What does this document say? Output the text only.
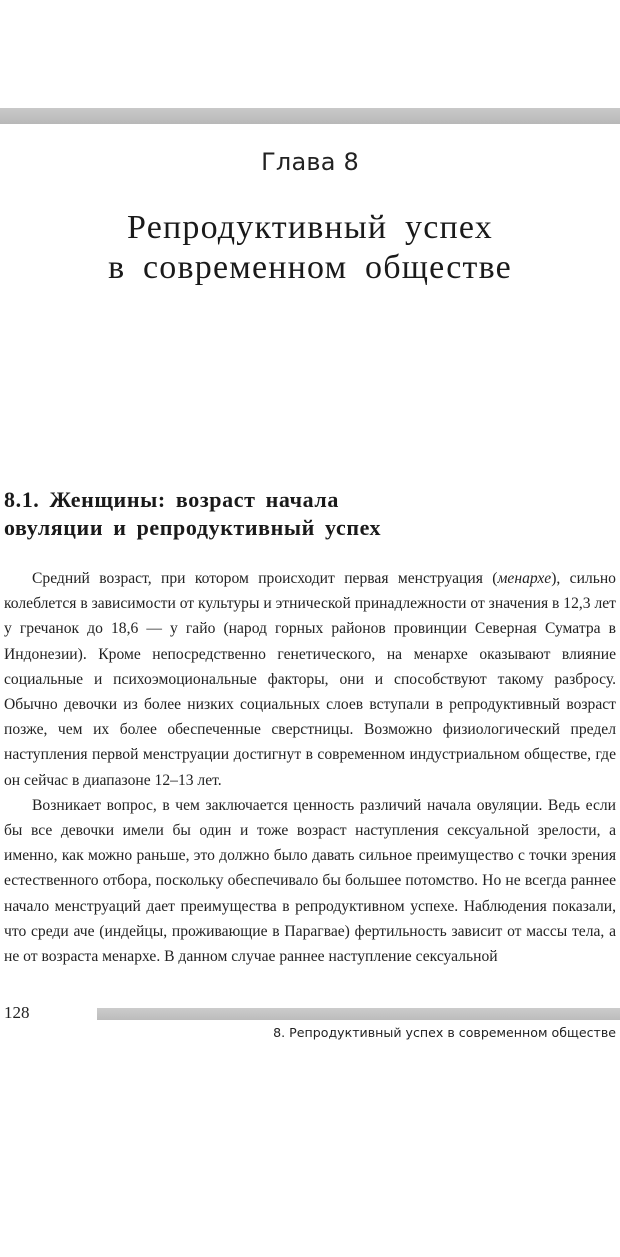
Глава 8
Репродуктивный успех
в современном обществе
8.1. Женщины: возраст начала
овуляции и репродуктивный успех

Средний возраст, при котором происходит первая менструация (менархе), сильно колеблется в зависимости от культуры и этнической принадлежности от значения в 12,3 лет у гречанок до 18,6 — у гайо (народ горных районов провинции Северная Суматра в Индонезии). Кроме непосредственно генетического, на менархе оказывают влияние социальные и психоэмоциональные факторы, они и способствуют такому разбросу. Обычно девочки из более низких социальных слоев вступали в репродуктивный возраст позже, чем их более обеспеченные сверстницы. Возможно физиологический предел наступления первой менструации достигнут в современном индустриальном обществе, где он сейчас в диапазоне 12–13 лет.

Возникает вопрос, в чем заключается ценность различий начала овуляции. Ведь если бы все девочки имели бы один и тоже возраст наступления сексуальной зрелости, а именно, как можно раньше, это должно было давать сильное преимущество с точки зрения естественного отбора, поскольку обеспечивало бы большее потомство. Но не всегда раннее начало менструаций дает преимущества в репродуктивном успехе. Наблюдения показали, что среди аче (индейцы, проживающие в Парагвае) фертильность зависит от массы тела, а не от возраста менархе. В данном случае раннее наступление сексуальной

128
8. Репродуктивный успех в современном обществе
